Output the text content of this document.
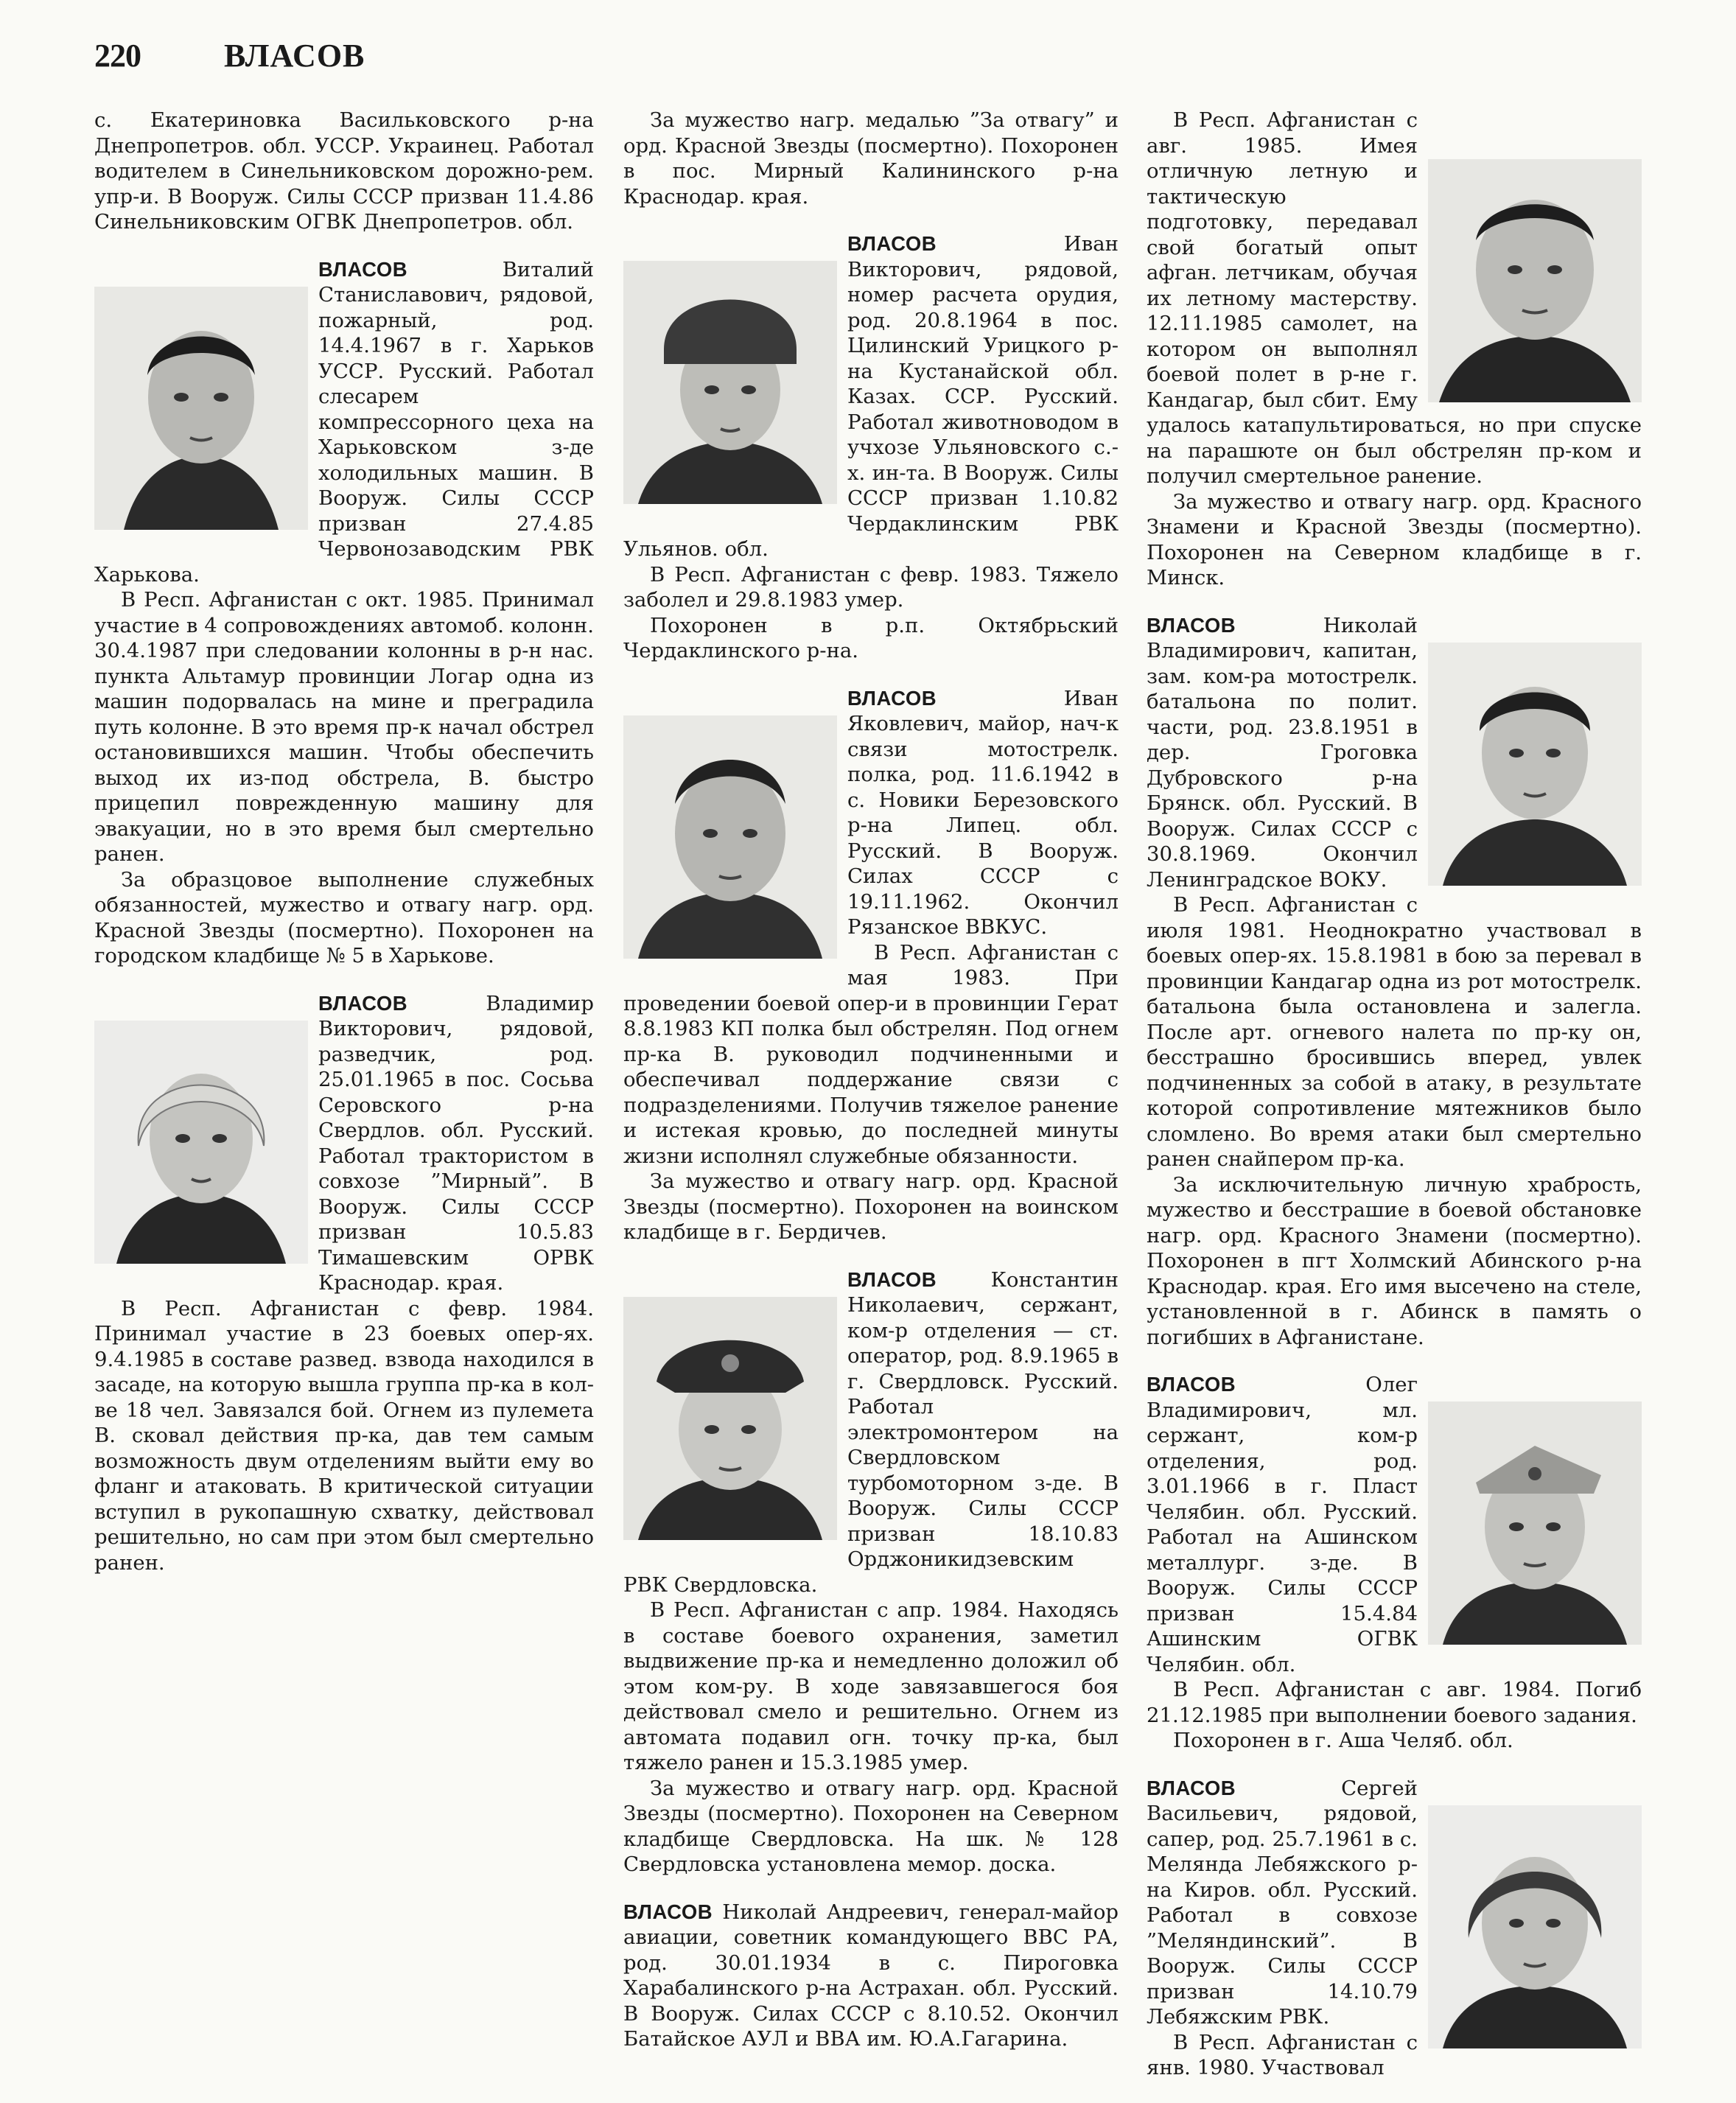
220	ВЛАСОВ

с. Екатериновка Васильковского р-на Днепропетров. обл. УССР. Украинец. Работал водителем в Синельниковском дорожно-рем. упр-и. В Вооруж. Силы СССР призван 11.4.86 Синельниковским ОГВК Днепропетров. обл.

ВЛАСОВ	Виталий Станиславович, рядовой, пожарный, род. 14.4.1967 в г. Харьков УССР. Русский. Работал слесарем компрессорного цеха на Харьковском з-де холодильных машин. В Вооруж. Силы СССР призван 27.4.85 Червонозаводским РВК Харькова.

В Респ. Афганистан с окт. 1985. Принимал участие в 4 сопровождениях автомоб. колонн. 30.4.1987 при следовании колонны в р-н нас. пункта Альтамур провинции Логар одна из машин подорвалась на мине и преградила путь колонне. В это время пр-к начал обстрел остановившихся машин. Чтобы обеспечить выход их из-под обстрела, В. быстро прицепил поврежденную машину для эвакуации, но в это время был смертельно ранен.

За образцовое выполнение служебных обязанностей, мужество и отвагу нагр. орд. Красной Звезды (посмертно). Похоронен на городском кладбище № 5 в Харькове.

ВЛАСОВ	Владимир Викторович, рядовой, разведчик, род. 25.01.1965 в пос. Сосьва Серовского р-на Свердлов. обл. Русский. Работал трактористом в совхозе ”Мирный”. В Вооруж. Силы СССР призван 10.5.83 Тимашевским ОРВК Краснодар. края.

В Респ. Афганистан с февр. 1984. Принимал участие в 23 боевых опер-ях. 9.4.1985 в составе развед. взвода находился в засаде, на которую вышла группа пр-ка в кол-ве 18 чел. Завязался бой. Огнем из пулемета В. сковал действия пр-ка, дав тем самым возможность двум отделениям выйти ему во фланг и атаковать. В критической ситуации вступил в рукопашную схватку, действовал решительно, но сам при этом был смертельно ранен.

За мужество нагр. медалью ”За отвагу” и орд. Красной Звезды (посмертно). Похоронен в пос. Мирный Калининского р-на Краснодар. края.

ВЛАСОВ	Иван Викторович, рядовой, номер расчета орудия, род. 20.8.1964 в пос. Цилинский Урицкого р-на Кустанайской обл. Казах. ССР. Русский. Работал животноводом в учхозе Ульяновского с.-х. ин-та. В Вооруж. Силы СССР призван 1.10.82 Чердаклинским РВК Ульянов. обл.

В Респ. Афганистан с февр. 1983. Тяжело заболел и 29.8.1983 умер.

Похоронен в р.п. Октябрьский Чердаклинского р-на.

ВЛАСОВ	Иван Яковлевич, майор, нач-к связи мотострелк. полка, род. 11.6.1942 в с. Новики Березовского р-на Липец. обл. Русский. В Вооруж. Силах СССР с 19.11.1962. Окончил Рязанское ВВКУС.

В Респ. Афганистан с мая 1983. При проведении боевой опер-и в провинции Герат 8.8.1983 КП полка был обстрелян. Под огнем пр-ка В. руководил подчиненными и обеспечивал поддержание связи с подразделениями. Получив тяжелое ранение и истекая кровью, до последней минуты жизни исполнял служебные обязанности.

За мужество и отвагу нагр. орд. Красной Звезды (посмертно). Похоронен на воинском кладбище в г. Бердичев.

ВЛАСОВ	Константин Николаевич, сержант, ком-р отделения — ст. оператор, род. 8.9.1965 в г. Свердловск. Русский. Работал электромонтером на Свердловском турбомоторном з-де. В Вооруж. Силы СССР призван 18.10.83 Орджоникидзевским РВК Свердловска.

В Респ. Афганистан с апр. 1984. Находясь в составе боевого охранения, заметил выдвижение пр-ка и немедленно доложил об этом ком-ру. В ходе завязавшегося боя действовал смело и решительно. Огнем из автомата подавил огн. точку пр-ка, был тяжело ранен и 15.3.1985 умер.

За мужество и отвагу нагр. орд. Красной Звезды (посмертно). Похоронен на Северном кладбище Свердловска. На шк. № 128 Свердловска установлена мемор. доска.

ВЛАСОВ Николай Андреевич, генерал-майор авиации, советник командующего ВВС РА, род. 30.01.1934 в с. Пироговка Харабалинского р-на Астрахан. обл. Русский. В Вооруж. Силах СССР с 8.10.52. Окончил Батайское АУЛ и ВВА им. Ю.А.Гагарина.

В Респ. Афганистан с авг. 1985. Имея отличную летную и тактическую подготовку, передавал свой богатый опыт афган. летчикам, обучая их летному мастерству. 12.11.1985 самолет, на котором он выполнял боевой полет в р-не г. Кандагар, был сбит. Ему удалось катапультироваться, но при спуске на парашюте он был обстрелян пр-ком и получил смертельное ранение.

За мужество и отвагу нагр. орд. Красного Знамени и Красной Звезды (посмертно). Похоронен на Северном кладбище в г. Минск.

ВЛАСОВ	Николай Владимирович, капитан, зам. ком-ра мотострелк. батальона по полит. части, род. 23.8.1951 в дер. Гроговка Дубровского р-на Брянск. обл. Русский. В Вооруж. Силах СССР с 30.8.1969. Окончил Ленинградское ВОКУ.

В Респ. Афганистан с июля 1981. Неоднократно участвовал в боевых опер-ях. 15.8.1981 в бою за перевал в провинции Кандагар одна из рот мотострелк. батальона была остановлена и залегла. После арт. огневого налета по пр-ку он, бесстрашно бросившись вперед, увлек подчиненных за собой в атаку, в результате которой сопротивление мятежников было сломлено. Во время атаки был смертельно ранен снайпером пр-ка.

За исключительную личную храбрость, мужество и бесстрашие в боевой обстановке нагр. орд. Красного Знамени (посмертно). Похоронен в пгт Холмский Абинского р-на Краснодар. края. Его имя высечено на стеле, установленной в г. Абинск в память о погибших в Афганистане.

ВЛАСОВ	Олег Владимирович, мл. сержант, ком-р отделения, род. 3.01.1966 в г. Пласт Челябин. обл. Русский. Работал на Ашинском металлург. з-де. В Вооруж. Силы СССР призван 15.4.84 Ашинским ОГВК Челябин. обл.

В Респ. Афганистан с авг. 1984. Погиб 21.12.1985 при выполнении боевого задания.

Похоронен в г. Аша Челяб. обл.

ВЛАСОВ	Сергей Васильевич, рядовой, сапер, род. 25.7.1961 в с. Мелянда Лебяжского р-на Киров. обл. Русский. Работал в совхозе ”Меляндинский”. В Вооруж. Силы СССР призван 14.10.79 Лебяжским РВК.

В Респ. Афганистан с янв. 1980. Участвовал
